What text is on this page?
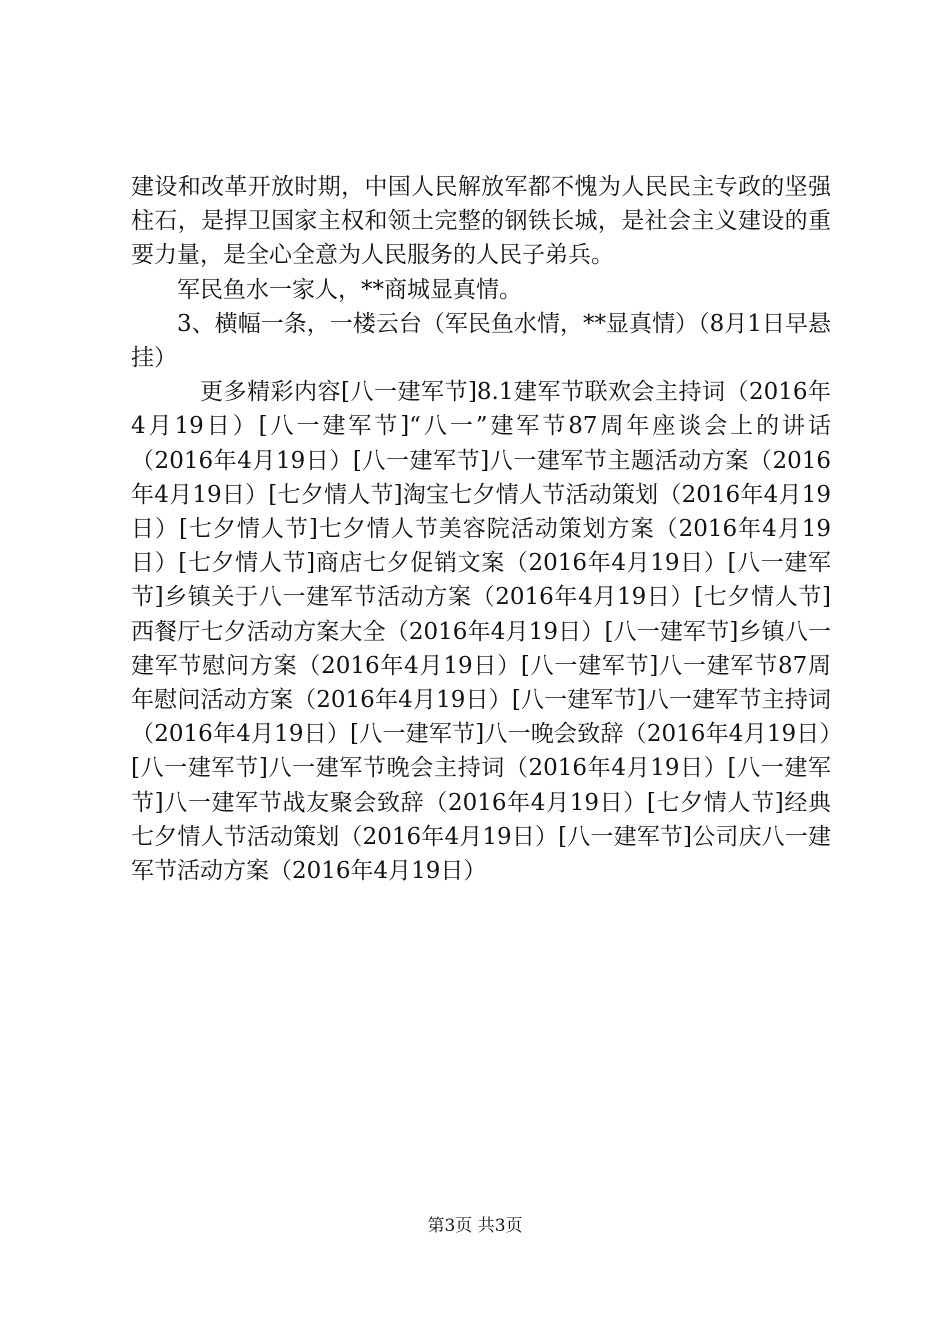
建设和改革开放时期，中国人民解放军都不愧为人民民主专政的坚强柱石，是捍卫国家主权和领土完整的钢铁长城，是社会主义建设的重要力量，是全心全意为人民服务的人民子弟兵。

军民鱼水一家人，**商城显真情。

3、横幅一条，一楼云台（军民鱼水情，**显真情）（8月1日早悬挂）

更多精彩内容[八一建军节]8.1建军节联欢会主持词（2016年4月19日）[八一建军节]“八一”建军节87周年座谈会上的讲话（2016年4月19日）[八一建军节]八一建军节主题活动方案（2016年4月19日）[七夕情人节]淘宝七夕情人节活动策划（2016年4月19日）[七夕情人节]七夕情人节美容院活动策划方案（2016年4月19日）[七夕情人节]商店七夕促销文案（2016年4月19日）[八一建军节]乡镇关于八一建军节活动方案（2016年4月19日）[七夕情人节]西餐厅七夕活动方案大全（2016年4月19日）[八一建军节]乡镇八一建军节慰问方案（2016年4月19日）[八一建军节]八一建军节87周年慰问活动方案（2016年4月19日）[八一建军节]八一建军节主持词（2016年4月19日）[八一建军节]八一晚会致辞（2016年4月19日）[八一建军节]八一建军节晚会主持词（2016年4月19日）[八一建军节]八一建军节战友聚会致辞（2016年4月19日）[七夕情人节]经典七夕情人节活动策划（2016年4月19日）[八一建军节]公司庆八一建军节活动方案（2016年4月19日）

第3页 共3页
